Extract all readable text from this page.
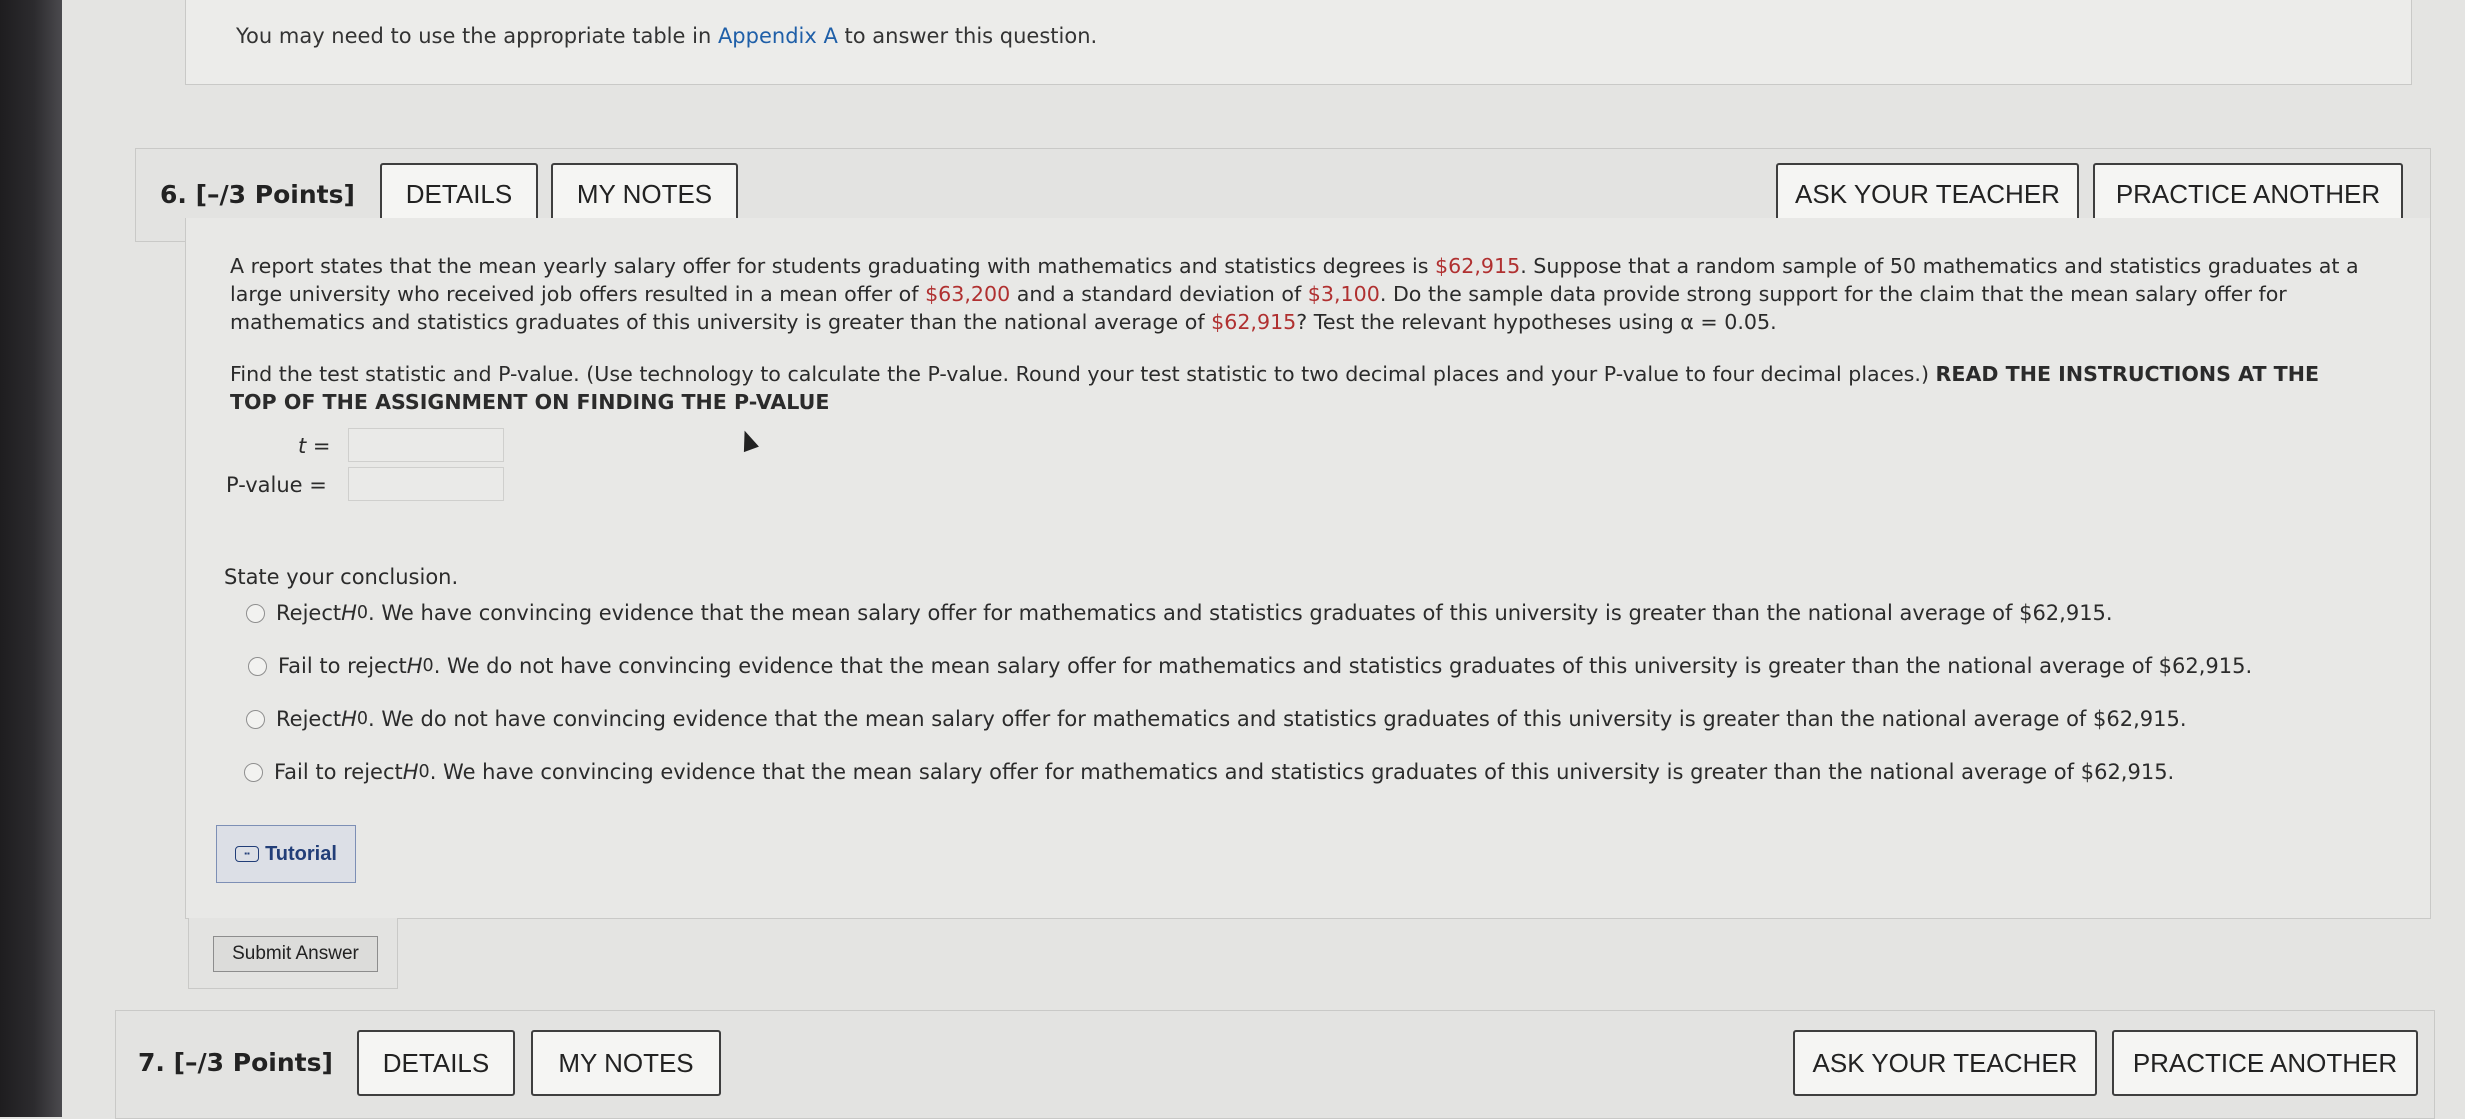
You may need to use the appropriate table in Appendix A to answer this question.
6. [–/3 Points]	DETAILS	MY NOTES	ASK YOUR TEACHER	PRACTICE ANOTHER
A report states that the mean yearly salary offer for students graduating with mathematics and statistics degrees is $62,915. Suppose that a random sample of 50 mathematics and statistics graduates at a large university who received job offers resulted in a mean offer of $63,200 and a standard deviation of $3,100. Do the sample data provide strong support for the claim that the mean salary offer for mathematics and statistics graduates of this university is greater than the national average of $62,915? Test the relevant hypotheses using α = 0.05.
Find the test statistic and P-value. (Use technology to calculate the P-value. Round your test statistic to two decimal places and your P-value to four decimal places.) READ THE INSTRUCTIONS AT THE TOP OF THE ASSIGNMENT ON FINDING THE P-VALUE
t =
P-value =
State your conclusion.
Reject H 0 . We have convincing evidence that the mean salary offer for mathematics and statistics graduates of this university is greater than the national average of $62,915.
Fail to reject H 0 . We do not have convincing evidence that the mean salary offer for mathematics and statistics graduates of this university is greater than the national average of $62,915.
Reject H 0 . We do not have convincing evidence that the mean salary offer for mathematics and statistics graduates of this university is greater than the national average of $62,915.
Fail to reject H 0 . We have convincing evidence that the mean salary offer for mathematics and statistics graduates of this university is greater than the national average of $62,915.
▪▪ Tutorial
Submit Answer
7. [–/3 Points]	DETAILS	MY NOTES	ASK YOUR TEACHER	PRACTICE ANOTHER
